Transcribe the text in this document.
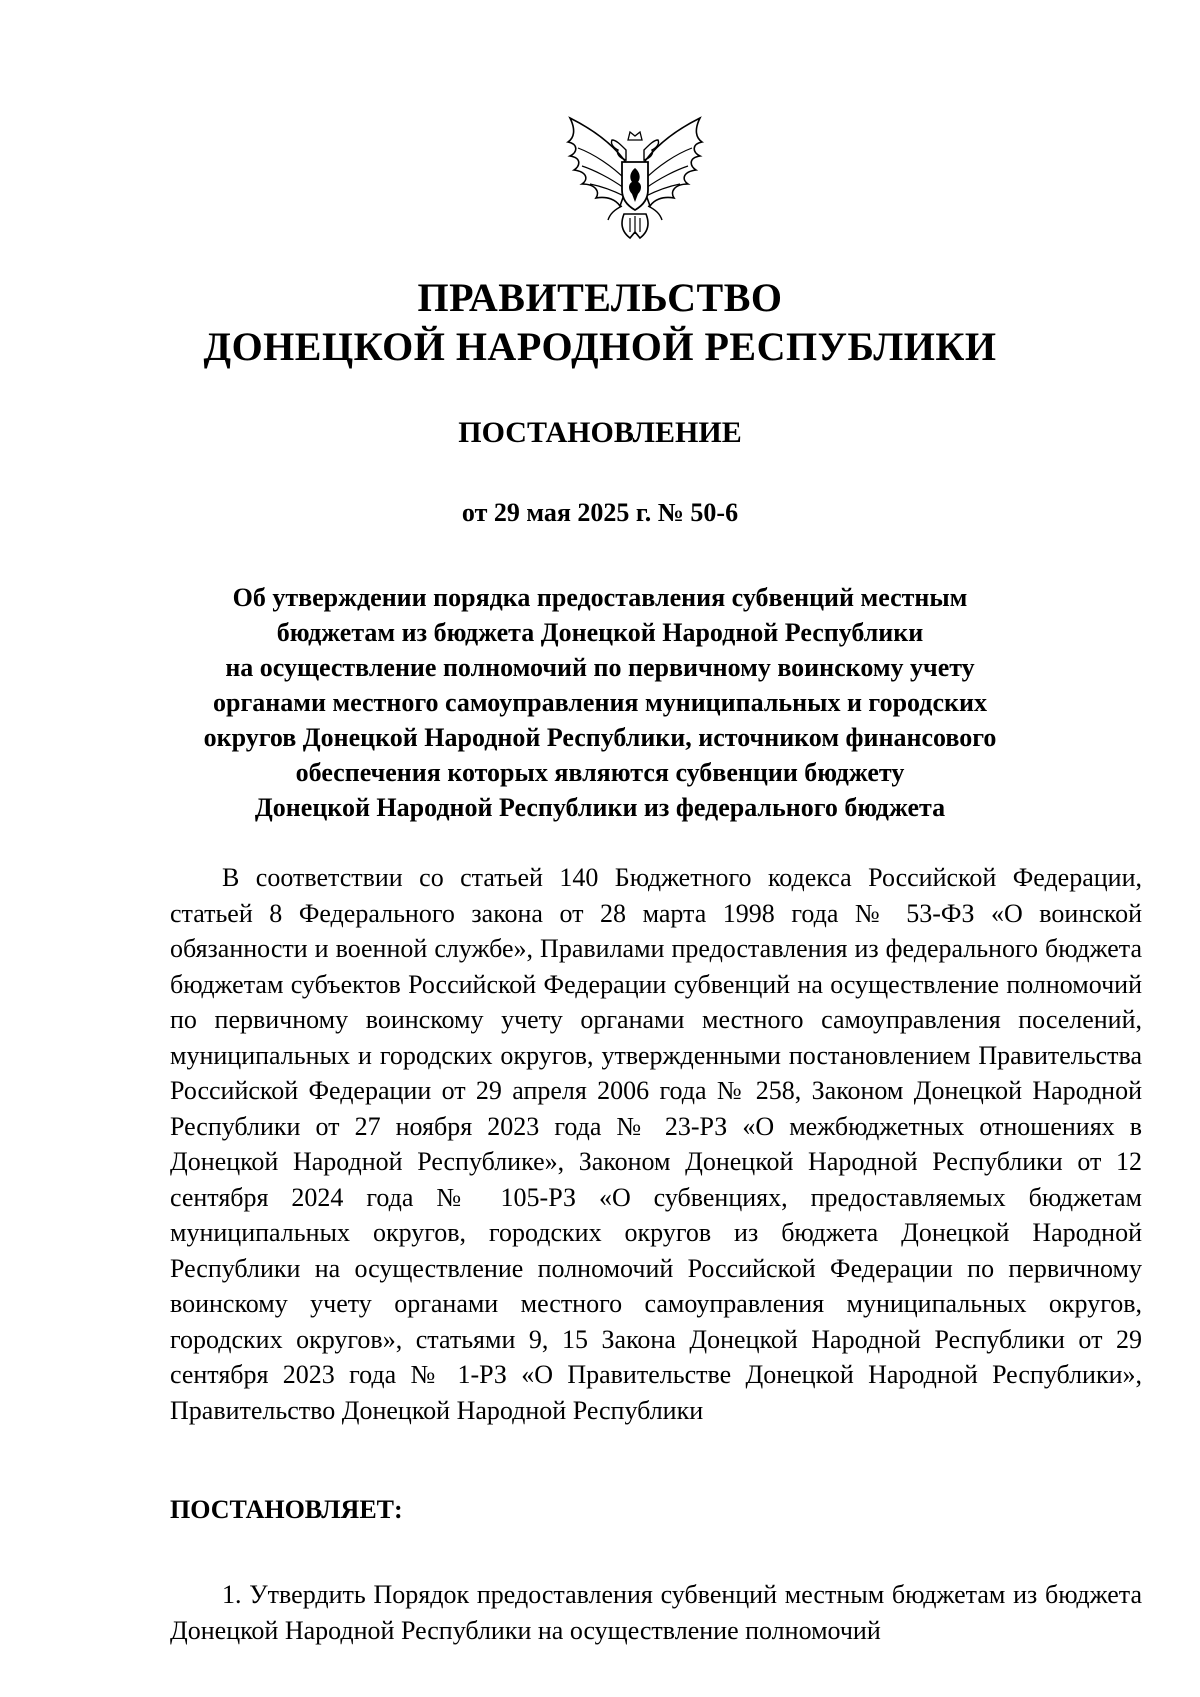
ПРАВИТЕЛЬСТВО
ДОНЕЦКОЙ НАРОДНОЙ РЕСПУБЛИКИ
ПОСТАНОВЛЕНИЕ
от 29 мая 2025 г. № 50-6
Об утверждении порядка предоставления субвенций местным
бюджетам из бюджета Донецкой Народной Республики
на осуществление полномочий по первичному воинскому учету
органами местного самоуправления муниципальных и городских
округов Донецкой Народной Республики, источником финансового
обеспечения которых являются субвенции бюджету
Донецкой Народной Республики из федерального бюджета

В соответствии со статьей 140 Бюджетного кодекса Российской Федерации, статьей 8 Федерального закона от 28 марта 1998 года № 53-ФЗ «О воинской обязанности и военной службе», Правилами предоставления из федерального бюджета бюджетам субъектов Российской Федерации субвенций на осуществление полномочий по первичному воинскому учету органами местного самоуправления поселений, муниципальных и городских округов, утвержденными постановлением Правительства Российской Федерации от 29 апреля 2006 года № 258, Законом Донецкой Народной Республики от 27 ноября 2023 года № 23-РЗ «О межбюджетных отношениях в Донецкой Народной Республике», Законом Донецкой Народной Республики от 12 сентября 2024 года № 105-РЗ «О субвенциях, предоставляемых бюджетам муниципальных округов, городских округов из бюджета Донецкой Народной Республики на осуществление полномочий Российской Федерации по первичному воинскому учету органами местного самоуправления муниципальных округов, городских округов», статьями 9, 15 Закона Донецкой Народной Республики от 29 сентября 2023 года № 1-РЗ «О Правительстве Донецкой Народной Республики», Правительство Донецкой Народной Республики

ПОСТАНОВЛЯЕТ:

1. Утвердить Порядок предоставления субвенций местным бюджетам из бюджета Донецкой Народной Республики на осуществление полномочий
